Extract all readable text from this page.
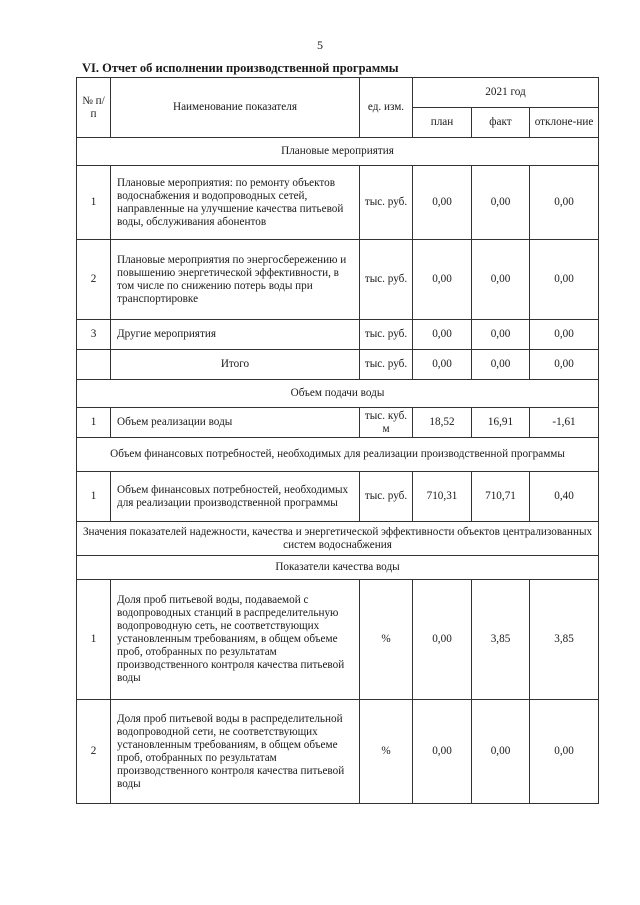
5
VI. Отчет об исполнении производственной программы
№ п/п	Наименование показателя	ед. изм.	2021 год		
			план	факт	отклоне-ние
Плановые мероприятия					
1	Плановые мероприятия: по ремонту объектов водоснабжения и водопроводных сетей, направленные на улучшение качества питьевой воды, обслуживания абонентов	тыс. руб.	0,00	0,00	0,00
2	Плановые мероприятия по энергосбережению и повышению энергетической эффективности, в том числе по снижению потерь воды при транспортировке	тыс. руб.	0,00	0,00	0,00
3	Другие мероприятия	тыс. руб.	0,00	0,00	0,00
	Итого	тыс. руб.	0,00	0,00	0,00
Объем подачи воды					
1	Объем реализации воды	тыс. куб. м	18,52	16,91	-1,61
Объем финансовых потребностей, необходимых для реализации производственной программы					
1	Объем финансовых потребностей, необходимых для реализации производственной программы	тыс. руб.	710,31	710,71	0,40
Значения показателей надежности, качества и энергетической эффективности объектов централизованных систем водоснабжения					
Показатели качества воды					
1	Доля проб питьевой воды, подаваемой с водопроводных станций в распределительную водопроводную сеть, не соответствующих установленным требованиям, в общем объеме проб, отобранных по результатам производственного контроля качества питьевой воды	%	0,00	3,85	3,85
2	Доля проб питьевой воды в распределительной водопроводной сети, не соответствующих установленным требованиям, в общем объеме проб, отобранных по результатам производственного контроля качества питьевой воды	%	0,00	0,00	0,00
